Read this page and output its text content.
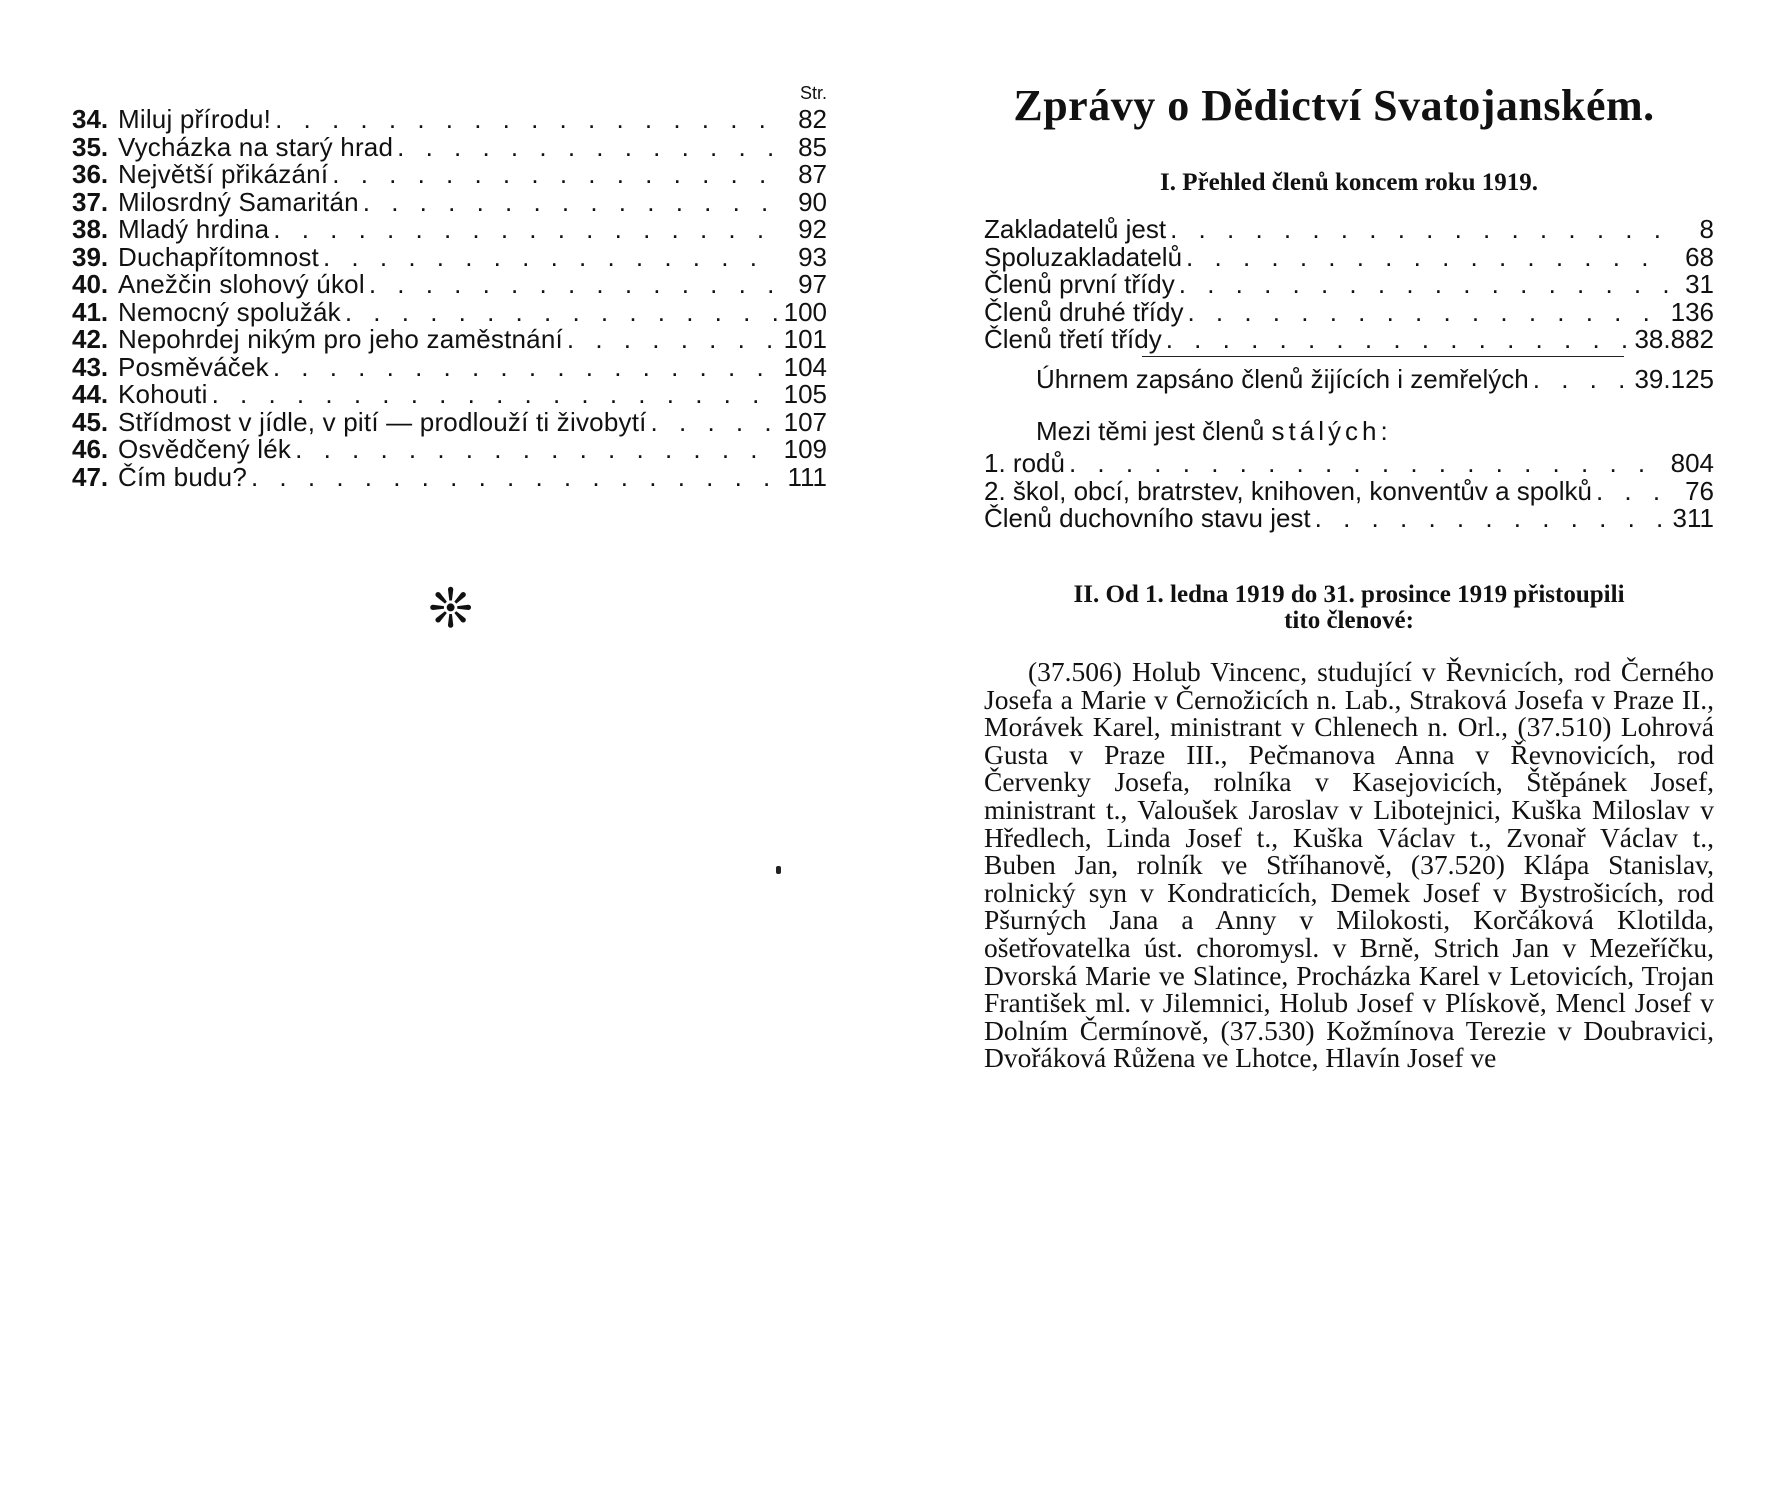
Str.
34. Miluj přírodu! . . .	82
35. Vycházka na starý hrad . . .	85
36. Největší přikázání . . .	87
37. Milosrdný Samaritán . . .	90
38. Mladý hrdina . . .	92
39. Duchapřítomnost . . .	93
40. Anežčin slohový úkol . . .	97
41. Nemocný spolužák . . .	100
42. Nepohrdej nikým pro jeho zaměstnání . . .	101
43. Posměváček . . .	104
44. Kohouti . . .	105
45. Střídmost v jídle, v pití — prodlouží ti živobytí . . .	107
46. Osvědčený lék . . .	109
47. Čím budu? . . .	111
❊
Zprávy o Dědictví Svatojanském.
I. Přehled členů koncem roku 1919.
Zakladatelů jest . . .	8
Spoluzakladatelů . . .	68
Členů první třídy . . .	31
Členů druhé třídy . . .	136
Členů třetí třídy . . .	38.882
Úhrnem zapsáno členů žijících i zemřelých . . .	39.125
Mezi těmi jest členů stálých:
1. rodů . . .	804
2. škol, obcí, bratrstev, knihoven, konventův a spolků . . .	76
Členů duchovního stavu jest . . .	311
II. Od 1. ledna 1919 do 31. prosince 1919 přistoupili
tito členové:
(37.506) Holub Vincenc, studující v Řevnicích, rod Černého Josefa a Marie v Černožicích n. Lab., Straková Josefa v Praze II., Morávek Karel, ministrant v Chlenech n. Orl., (37.510) Lohrová Gusta v Praze III., Pečmanova Anna v Řevnovicích, rod Červenky Josefa, rolníka v Kasejovicích, Štěpánek Josef, ministrant t., Valoušek Jaroslav v Libotejnici, Kuška Miloslav v Hředlech, Linda Josef t., Kuška Václav t., Zvonař Václav t., Buben Jan, rolník ve Stříhanově, (37.520) Klápa Stanislav, rolnický syn v Kondraticích, Demek Josef v Bystrošicích, rod Pšurných Jana a Anny v Milokosti, Korčáková Klotilda, ošetřovatelka úst. choromysl. v Brně, Strich Jan v Mezeříčku, Dvorská Marie ve Slatince, Procházka Karel v Letovicích, Trojan František ml. v Jilemnici, Holub Josef v Plískově, Mencl Josef v Dolním Čermínově, (37.530) Kožmínova Terezie v Doubravici, Dvořáková Růžena ve Lhotce, Hlavín Josef ve
